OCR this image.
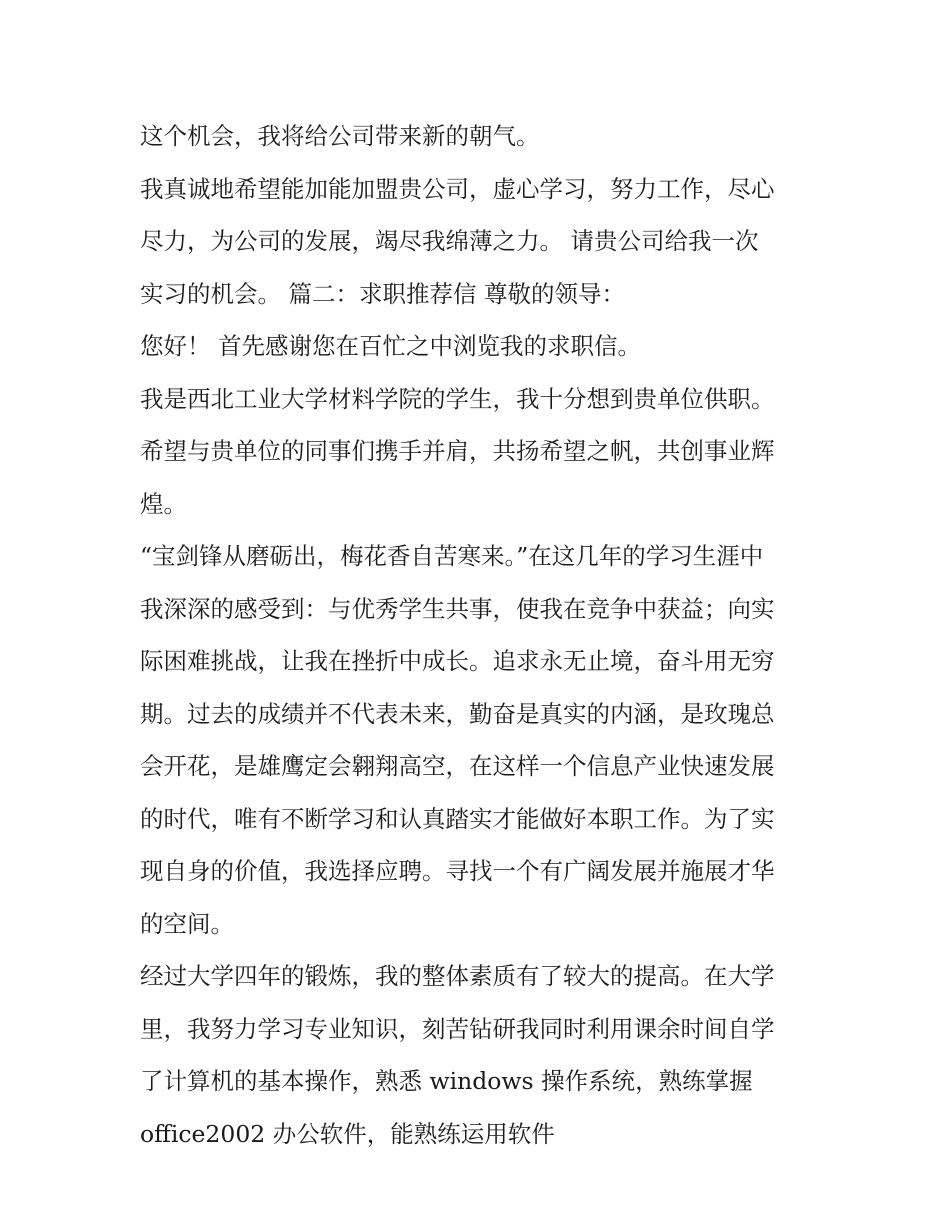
这个机会，我将给公司带来新的朝气。
我真诚地希望能加能加盟贵公司，虚心学习，努力工作，尽心
尽力，为公司的发展，竭尽我绵薄之力。 请贵公司给我一次
实习的机会。 篇二：求职推荐信 尊敬的领导：
您好！ 首先感谢您在百忙之中浏览我的求职信。
我是西北工业大学材料学院的学生，我十分想到贵单位供职。
希望与贵单位的同事们携手并肩，共扬希望之帆，共创事业辉
煌。
“宝剑锋从磨砺出，梅花香自苦寒来。”在这几年的学习生涯中
我深深的感受到：与优秀学生共事，使我在竞争中获益；向实
际困难挑战，让我在挫折中成长。追求永无止境，奋斗用无穷
期。过去的成绩并不代表未来，勤奋是真实的内涵，是玫瑰总
会开花，是雄鹰定会翱翔高空，在这样一个信息产业快速发展
的时代，唯有不断学习和认真踏实才能做好本职工作。为了实
现自身的价值，我选择应聘。寻找一个有广阔发展并施展才华
的空间。
经过大学四年的锻炼，我的整体素质有了较大的提高。在大学
里，我努力学习专业知识，刻苦钻研我同时利用课余时间自学
了计算机的基本操作，熟悉 windows 操作系统，熟练掌握
office2002 办公软件，能熟练运用软件
